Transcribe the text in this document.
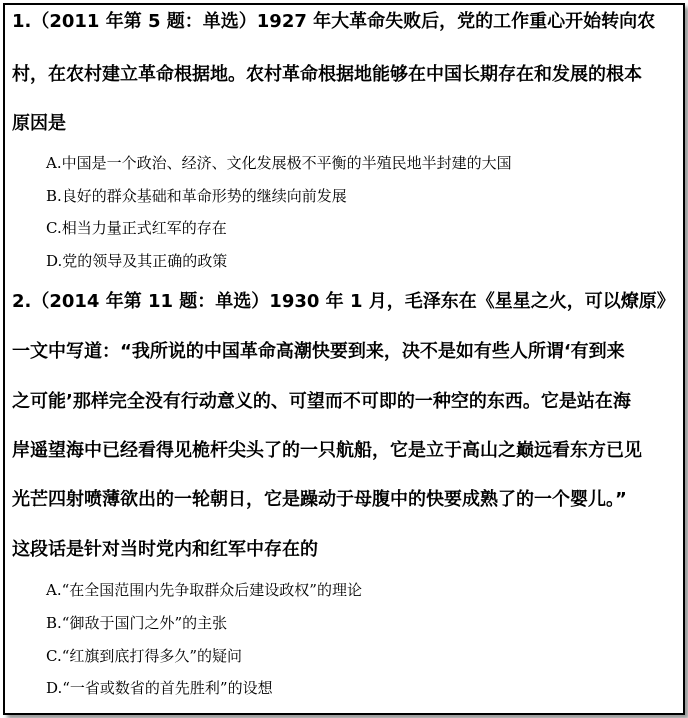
1.（2011 年第 5 题：单选）1927 年大革命失败后，党的工作重心开始转向农

村，在农村建立革命根据地。农村革命根据地能够在中国长期存在和发展的根本

原因是

A.中国是一个政治、经济、文化发展极不平衡的半殖民地半封建的大国

B.良好的群众基础和革命形势的继续向前发展

C.相当力量正式红军的存在

D.党的领导及其正确的政策

2.（2014 年第 11 题：单选）1930 年 1 月，毛泽东在《星星之火，可以燎原》

一文中写道：“我所说的中国革命高潮快要到来，决不是如有些人所谓‘有到来

之可能’那样完全没有行动意义的、可望而不可即的一种空的东西。它是站在海

岸遥望海中已经看得见桅杆尖头了的一只航船，它是立于高山之巅远看东方已见

光芒四射喷薄欲出的一轮朝日，它是躁动于母腹中的快要成熟了的一个婴儿。”

这段话是针对当时党内和红军中存在的

A.“在全国范围内先争取群众后建设政权”的理论

B.“御敌于国门之外”的主张

C.“红旗到底打得多久”的疑问

D.“一省或数省的首先胜利”的设想
